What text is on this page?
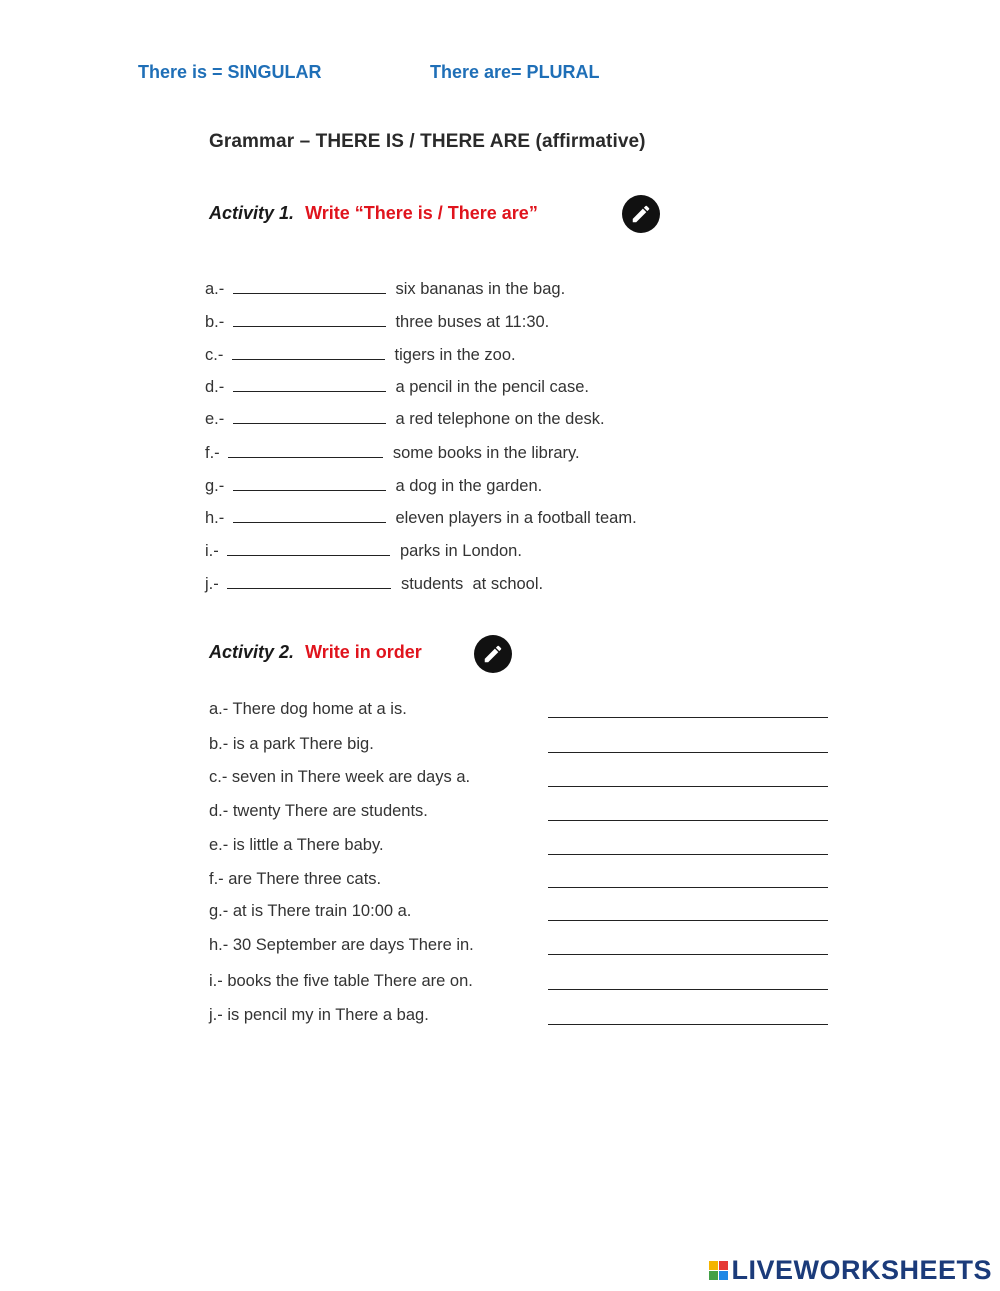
There is = SINGULAR	There are= PLURAL
Grammar – THERE IS / THERE ARE (affirmative)
Activity 1. Write “There is / There are”
a.-	six bananas in the bag.
b.-	three buses at 11:30.
c.-	tigers in the zoo.
d.-	a pencil in the pencil case.
e.-	a red telephone on the desk.
f.-	some books in the library.
g.-	a dog in the garden.
h.-	eleven players in a football team.
i.-	parks in London.
j.-	students  at school.
Activity 2. Write in order
a.- There dog home at a is.
b.- is a park There big.
c.- seven in There week are days a.
d.- twenty There are students.
e.- is little a There baby.
f.- are There three cats.
g.- at is There train 10:00 a.
h.- 30 September are days There in.
i.- books the five table There are on.
j.- is pencil my in There a bag.
LIVEWORKSHEETS
